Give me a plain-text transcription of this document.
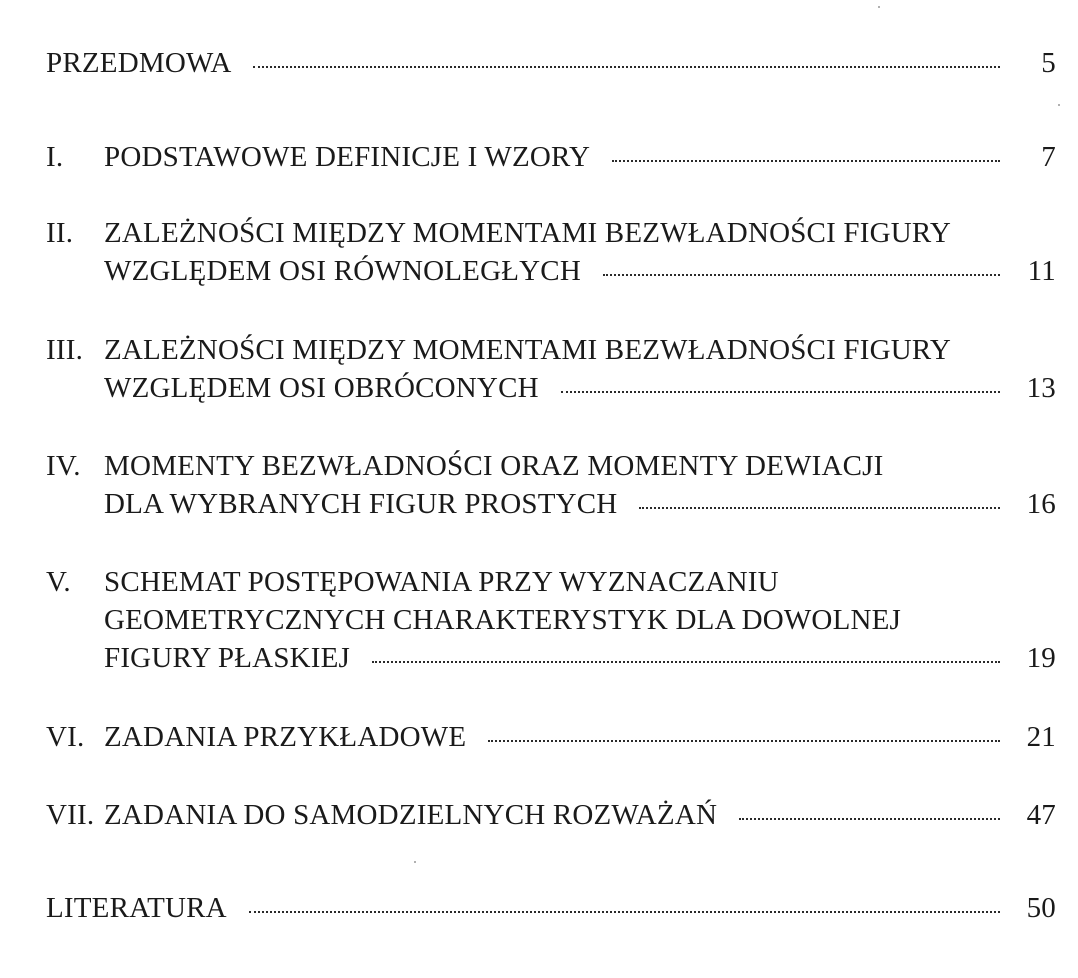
PRZEDMOWA	5
I.	PODSTAWOWE DEFINICJE I WZORY	7
II.	ZALEŻNOŚCI MIĘDZY MOMENTAMI BEZWŁADNOŚCI FIGURY
WZGLĘDEM OSI RÓWNOLEGŁYCH	11
III. ZALEŻNOŚCI MIĘDZY MOMENTAMI BEZWŁADNOŚCI FIGURY
WZGLĘDEM OSI OBRÓCONYCH	13
IV. MOMENTY BEZWŁADNOŚCI ORAZ MOMENTY DEWIACJI
DLA WYBRANYCH FIGUR PROSTYCH	16
V.	SCHEMAT POSTĘPOWANIA PRZY WYZNACZANIU
GEOMETRYCZNYCH CHARAKTERYSTYK DLA DOWOLNEJ
FIGURY PŁASKIEJ	19
VI. ZADANIA PRZYKŁADOWE	21
VII. ZADANIA DO SAMODZIELNYCH ROZWAŻAŃ	47
LITERATURA	50
